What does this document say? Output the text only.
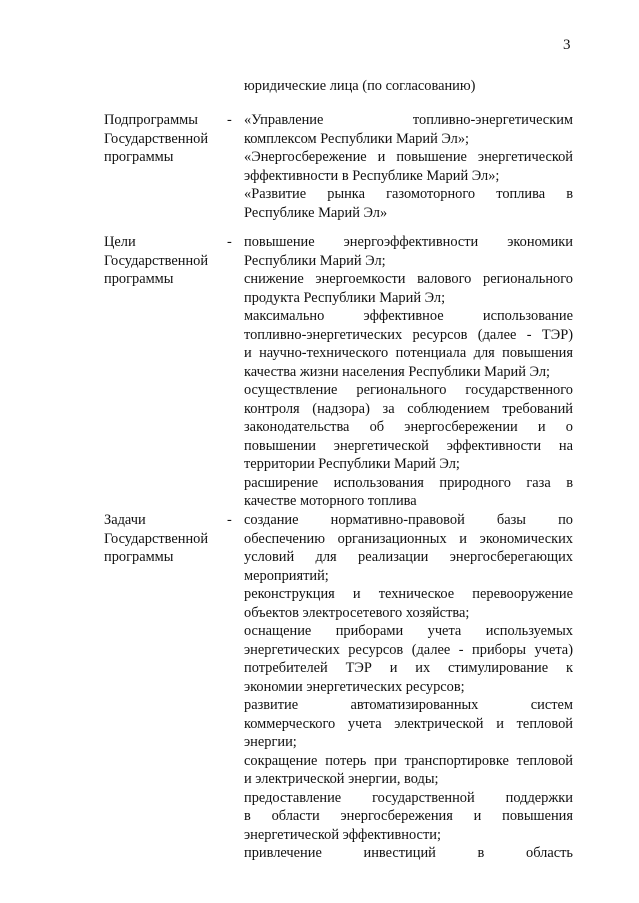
3
юридические лица (по согласованию)
Подпрограммы
Государственной
программы
- «Управление топливно-энергетическим
комплексом Республики Марий Эл»;
«Энергосбережение и повышение энергетической
эффективности в Республике Марий Эл»;
«Развитие рынка газомоторного топлива в
Республике Марий Эл»
Цели
Государственной
программы
- повышение энергоэффективности экономики
Республики Марий Эл;
снижение энергоемкости валового регионального
продукта Республики Марий Эл;
максимально эффективное использование
топливно-энергетических ресурсов (далее - ТЭР)
и научно-технического потенциала для повышения
качества жизни населения Республики Марий Эл;
осуществление регионального государственного
контроля (надзора) за соблюдением требований
законодательства об энергосбережении и о
повышении энергетической эффективности на
территории Республики Марий Эл;
расширение использования природного газа в
качестве моторного топлива
Задачи
Государственной
программы
- создание нормативно-правовой базы по
обеспечению организационных и экономических
условий для реализации энергосберегающих
мероприятий;
реконструкция и техническое перевооружение
объектов электросетевого хозяйства;
оснащение приборами учета используемых
энергетических ресурсов (далее - приборы учета)
потребителей ТЭР и их стимулирование к
экономии энергетических ресурсов;
развитие автоматизированных систем
коммерческого учета электрической и тепловой
энергии;
сокращение потерь при транспортировке тепловой
и электрической энергии, воды;
предоставление государственной поддержки
в области энергосбережения и повышения
энергетической эффективности;
привлечение инвестиций в область
